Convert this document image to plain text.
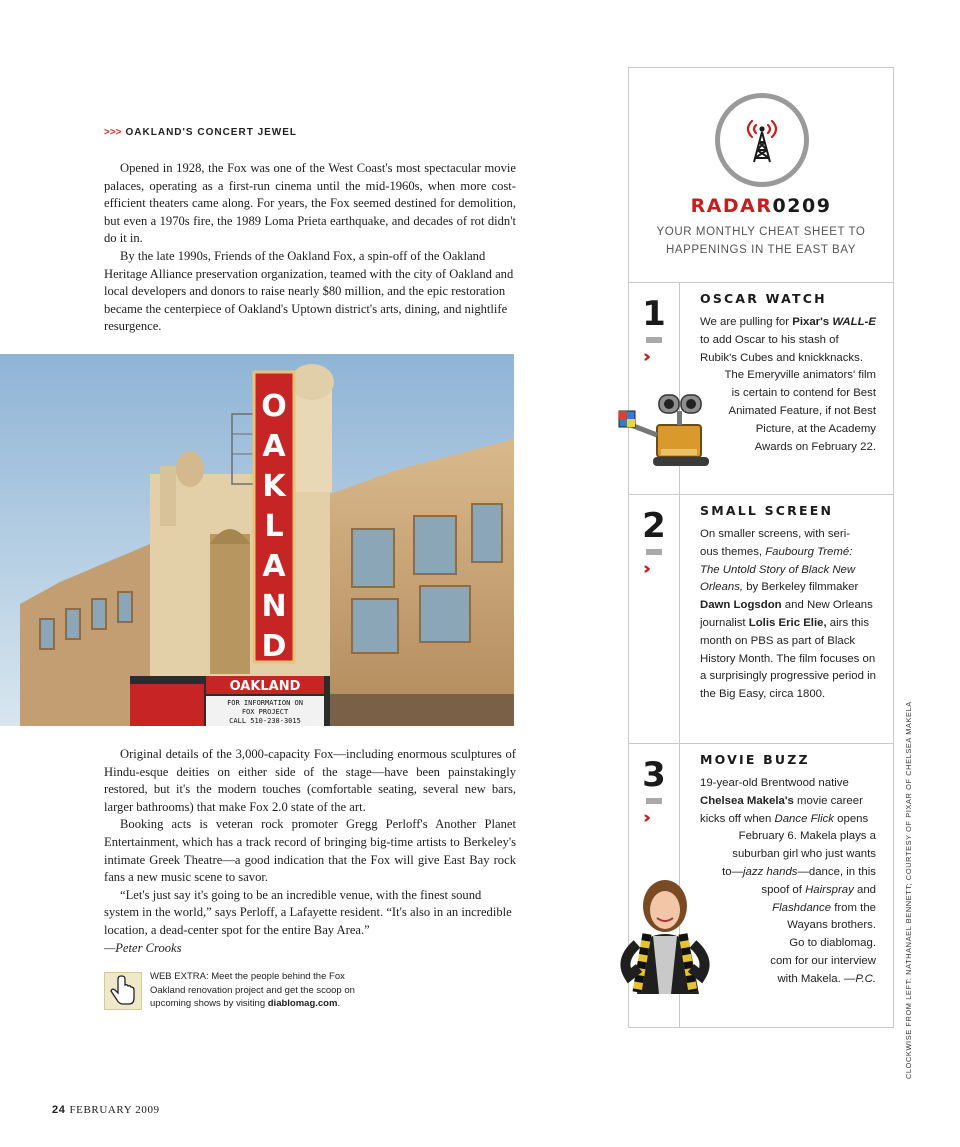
>>> OAKLAND'S CONCERT JEWEL

Opened in 1928, the Fox was one of the West Coast's most spectacular movie palaces, operating as a first-run cinema until the mid-1960s, when more cost-efficient theaters came along. For years, the Fox seemed destined for demolition, but even a 1970s fire, the 1989 Loma Prieta earthquake, and decades of rot didn't do it in.

By the late 1990s, Friends of the Oakland Fox, a spin-off of the Oakland Heritage Alliance preservation organization, teamed with the city of Oakland and local developers and donors to raise nearly $80 million, and the epic restoration became the centerpiece of Oakland's Uptown district's arts, dining, and nightlife resurgence.

O
A
K
L
A
N
D
OAKLAND
FOR INFORMATION ON
FOX PROJECT
CALL 510-238-3015

Original details of the 3,000-capacity Fox—including enormous sculptures of Hindu-esque deities on either side of the stage—have been painstakingly restored, but it's the modern touches (comfortable seating, several new bars, larger bathrooms) that make Fox 2.0 state of the art.

Booking acts is veteran rock promoter Gregg Perloff's Another Planet Entertainment, which has a track record of bringing big-time artists to Berkeley's intimate Greek Theatre—a good indication that the Fox will give East Bay rock fans a new music scene to savor.

“Let's just say it's going to be an incredible venue, with the finest sound system in the world,” says Perloff, a Lafayette resident. “It's also in an incredible location, a dead-center spot for the entire Bay Area.”

—Peter Crooks

WEB EXTRA: Meet the people behind the Fox Oakland renovation project and get the scoop on upcoming shows by visiting diablomag.com.
24 FEBRUARY 2009
CLOCKWISE FROM LEFT: NATHANAEL BENNETT; COURTESY OF PIXAR OF CHELSEA MAKELA
RADAR0209
YOUR MONTHLY CHEAT SHEET TO
HAPPENINGS IN THE EAST BAY
1
››
OSCAR WATCH
We are pulling for Pixar's WALL-E
to add Oscar to his stash of
Rubik's Cubes and knickknacks.
The Emeryville animators' film
is certain to contend for Best
Animated Feature, if not Best
Picture, at the Academy
Awards on February 22.
2
››
SMALL SCREEN
On smaller screens, with seri-
ous themes, Faubourg Tremé:
The Untold Story of Black New
Orleans, by Berkeley filmmaker
Dawn Logsdon and New Orleans
journalist Lolis Eric Elie, airs this
month on PBS as part of Black
History Month. The film focuses on
a surprisingly progressive period in
the Big Easy, circa 1800.
3
››
MOVIE BUZZ
19-year-old Brentwood native
Chelsea Makela's movie career
kicks off when Dance Flick opens
February 6. Makela plays a
suburban girl who just wants
to—jazz hands—dance, in this
spoof of Hairspray and
Flashdance from the
Wayans brothers.
Go to diablomag.
com for our interview
with Makela. —P.C.
